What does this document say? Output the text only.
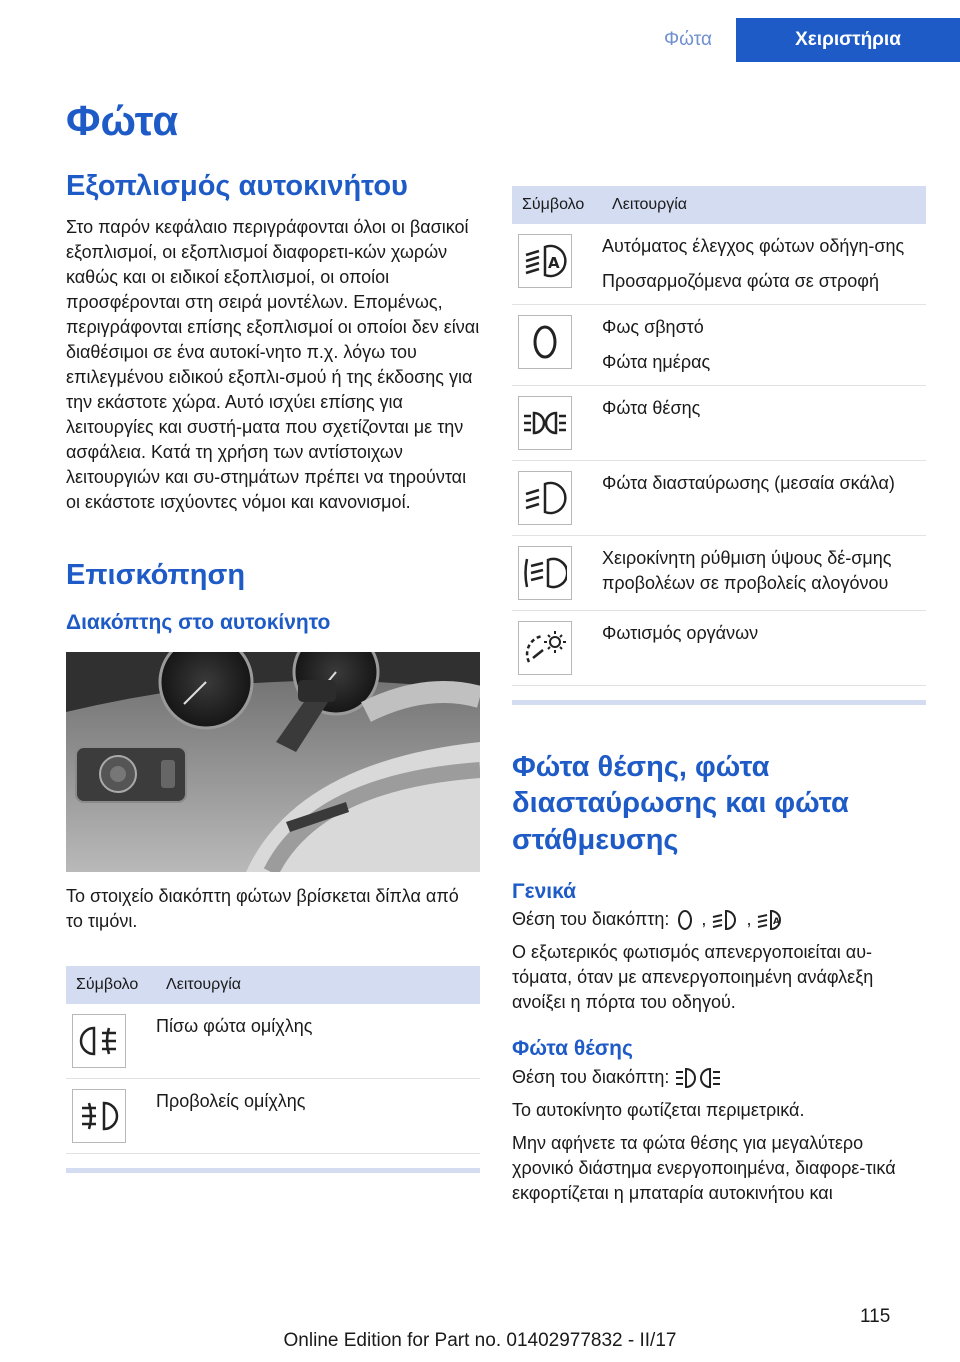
Φώτα	Χειριστήρια
Φώτα
Εξοπλισμός αυτοκινήτου

Στο παρόν κεφάλαιο περιγράφονται όλοι οι βασικοί εξοπλισμοί, οι εξοπλισμοί διαφορετι‐κών χωρών καθώς και οι ειδικοί εξοπλισμοί, οι οποίοι προσφέρονται στη σειρά μοντέλων. Επομένως, περιγράφονται επίσης εξοπλισμοί οι οποίοι δεν είναι διαθέσιμοι σε ένα αυτοκί‐νητο π.χ. λόγω του επιλεγμένου ειδικού εξοπλι‐σμού ή της έκδοσης για την εκάστοτε χώρα. Αυτό ισχύει επίσης για λειτουργίες και συστή‐ματα που σχετίζονται με την ασφάλεια. Κατά τη χρήση των αντίστοιχων λειτουργιών και συ‐στημάτων πρέπει να τηρούνται οι εκάστοτε ισχύοντες νόμοι και κανονισμοί.

Επισκόπηση
Διακόπτης στο αυτοκίνητο

Το στοιχείο διακόπτη φώτων βρίσκεται δίπλα από το τιμόνι.

Σύμβολο	Λειτουργία
Πίσω φώτα ομίχλης
Προβολείς ομίχλης
Σύμβολο	Λειτουργία
A
Αυτόματος έλεγχος φώτων οδήγη‐σης
Προσαρμοζόμενα φώτα σε στροφή
Φως σβηστό
Φώτα ημέρας
Φώτα θέσης
Φώτα διασταύρωσης (μεσαία σκάλα)
Χειροκίνητη ρύθμιση ύψους δέ‐σμης προβολέων σε προβολείς αλογόνου
Φωτισμός οργάνων
Φώτα θέσης, φώτα διασταύρωσης και φώτα στάθμευσης
Γενικά

Θέση του διακόπτη: , , A

Ο εξωτερικός φωτισμός απενεργοποιείται αυ‐τόματα, όταν με απενεργοποιημένη ανάφλεξη ανοίξει η πόρτα του οδηγού.

Φώτα θέσης

Θέση του διακόπτη:

Το αυτοκίνητο φωτίζεται περιμετρικά.

Μην αφήνετε τα φώτα θέσης για μεγαλύτερο χρονικό διάστημα ενεργοποιημένα, διαφορε‐τικά εκφορτίζεται η μπαταρία αυτοκινήτου και

115
Online Edition for Part no. 01402977832 - II/17
